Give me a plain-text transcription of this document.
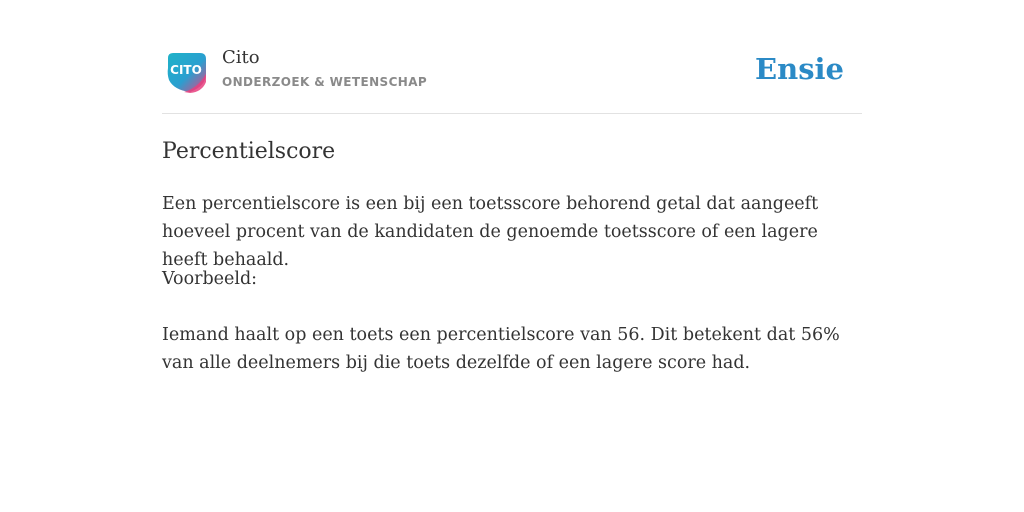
CITO
Cito
ONDERZOEK & WETENSCHAP	Ensie
Percentielscore

Een percentielscore is een bij een toetsscore behorend getal dat aangeeft hoeveel procent van de kandidaten de genoemde toetsscore of een lagere heeft behaald.

Voorbeeld:

Iemand haalt op een toets een percentielscore van 56. Dit betekent dat 56% van alle deelnemers bij die toets dezelfde of een lagere score had.
